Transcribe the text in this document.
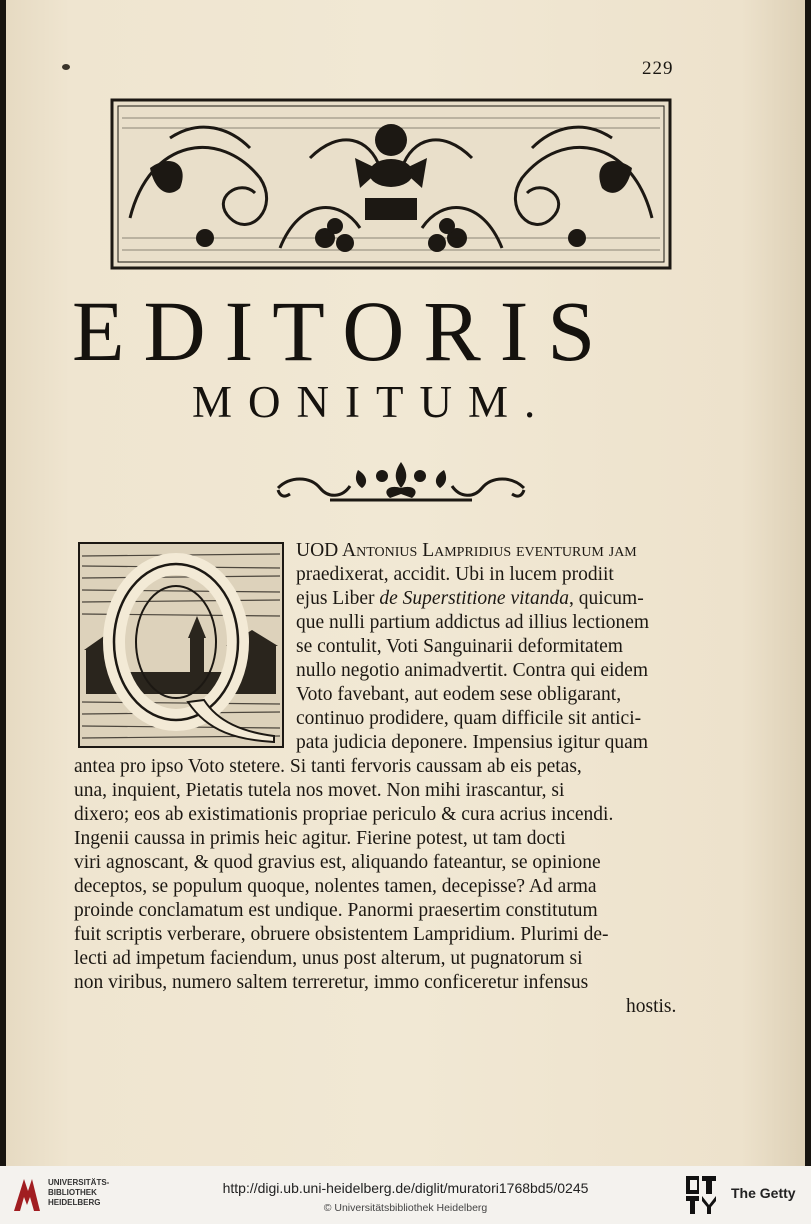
229
EDITORIS
MONITUM.
UOD Antonius Lampridius eventurum jam
praedixerat, accidit. Ubi in lucem prodiit
ejus Liber de Superstitione vitanda, quicum-
que nulli partium addictus ad illius lectionem
se contulit, Voti Sanguinarii deformitatem
nullo negotio animadvertit. Contra qui eidem
Voto favebant, aut eodem sese obligarant,
continuo prodidere, quam difficile sit antici-
pata judicia deponere. Impensius igitur quam
antea pro ipso Voto stetere. Si tanti fervoris caussam ab eis petas,
una, inquient, Pietatis tutela nos movet. Non mihi irascantur, si
dixero; eos ab existimationis propriae periculo & cura acrius incendi.
Ingenii caussa in primis heic agitur. Fierine potest, ut tam docti
viri agnoscant, & quod gravius est, aliquando fateantur, se opinione
deceptos, se populum quoque, nolentes tamen, decepisse? Ad arma
proinde conclamatum est undique. Panormi praesertim constitutum
fuit scriptis verberare, obruere obsistentem Lampridium. Plurimi de-
lecti ad impetum faciendum, unus post alterum, ut pugnatorum si
non viribus, numero saltem terreretur, immo conficeretur infensus
hostis.
UNIVERSITÄTS-
BIBLIOTHEK
HEIDELBERG
http://digi.ub.uni-heidelberg.de/diglit/muratori1768bd5/0245
© Universitätsbibliothek Heidelberg
The Getty
